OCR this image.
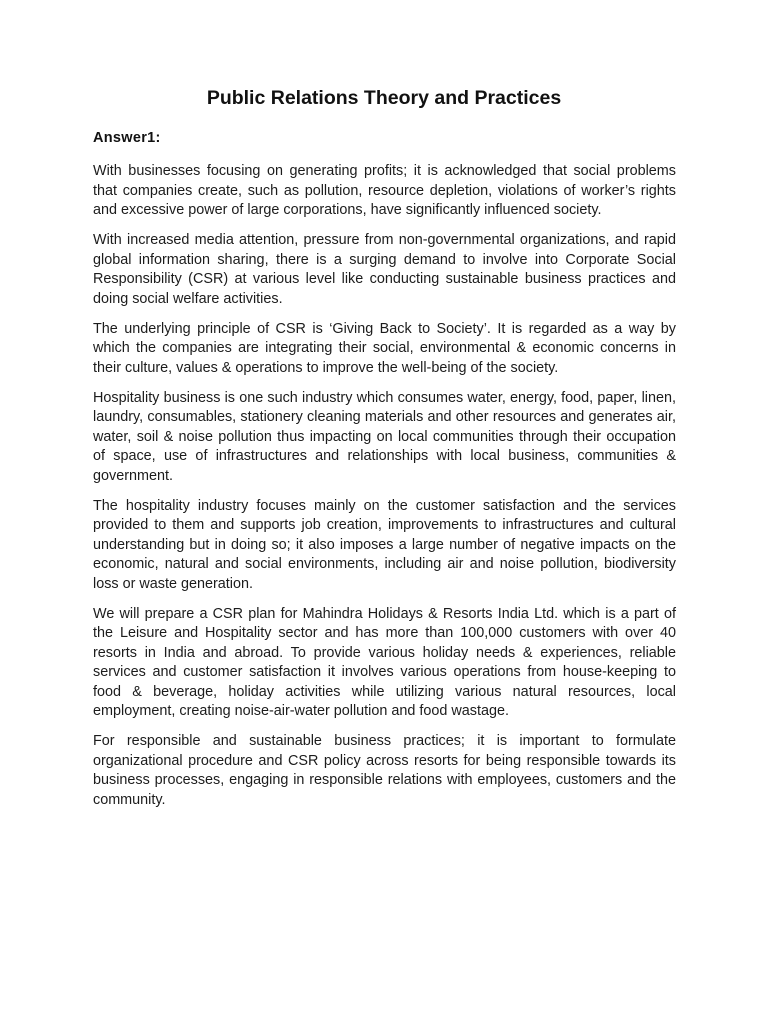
Public Relations Theory and Practices
Answer1:

With businesses focusing on generating profits; it is acknowledged that social problems that companies create, such as pollution, resource depletion, violations of worker’s rights and excessive power of large corporations, have significantly influenced society.

With increased media attention, pressure from non-governmental organizations, and rapid global information sharing, there is a surging demand to involve into Corporate Social Responsibility (CSR) at various level like conducting sustainable business practices and doing social welfare activities.

The underlying principle of CSR is ‘Giving Back to Society’. It is regarded as a way by which the companies are integrating their social, environmental & economic concerns in their culture, values & operations to improve the well-being of the society.

Hospitality business is one such industry which consumes water, energy, food, paper, linen, laundry, consumables, stationery cleaning materials and other resources and generates air, water, soil & noise pollution thus impacting on local communities through their occupation of space, use of infrastructures and relationships with local business, communities & government.

The hospitality industry focuses mainly on the customer satisfaction and the services provided to them and supports job creation, improvements to infrastructures and cultural understanding but in doing so; it also imposes a large number of negative impacts on the economic, natural and social environments, including air and noise pollution, biodiversity loss or waste generation.

We will prepare a CSR plan for Mahindra Holidays & Resorts India Ltd. which is a part of the Leisure and Hospitality sector and has more than 100,000 customers with over 40 resorts in India and abroad. To provide various holiday needs & experiences, reliable services and customer satisfaction it involves various operations from house-keeping to food & beverage, holiday activities while utilizing various natural resources, local employment, creating noise-air-water pollution and food wastage.

For responsible and sustainable business practices; it is important to formulate organizational procedure and CSR policy across resorts for being responsible towards its business processes, engaging in responsible relations with employees, customers and the community.
